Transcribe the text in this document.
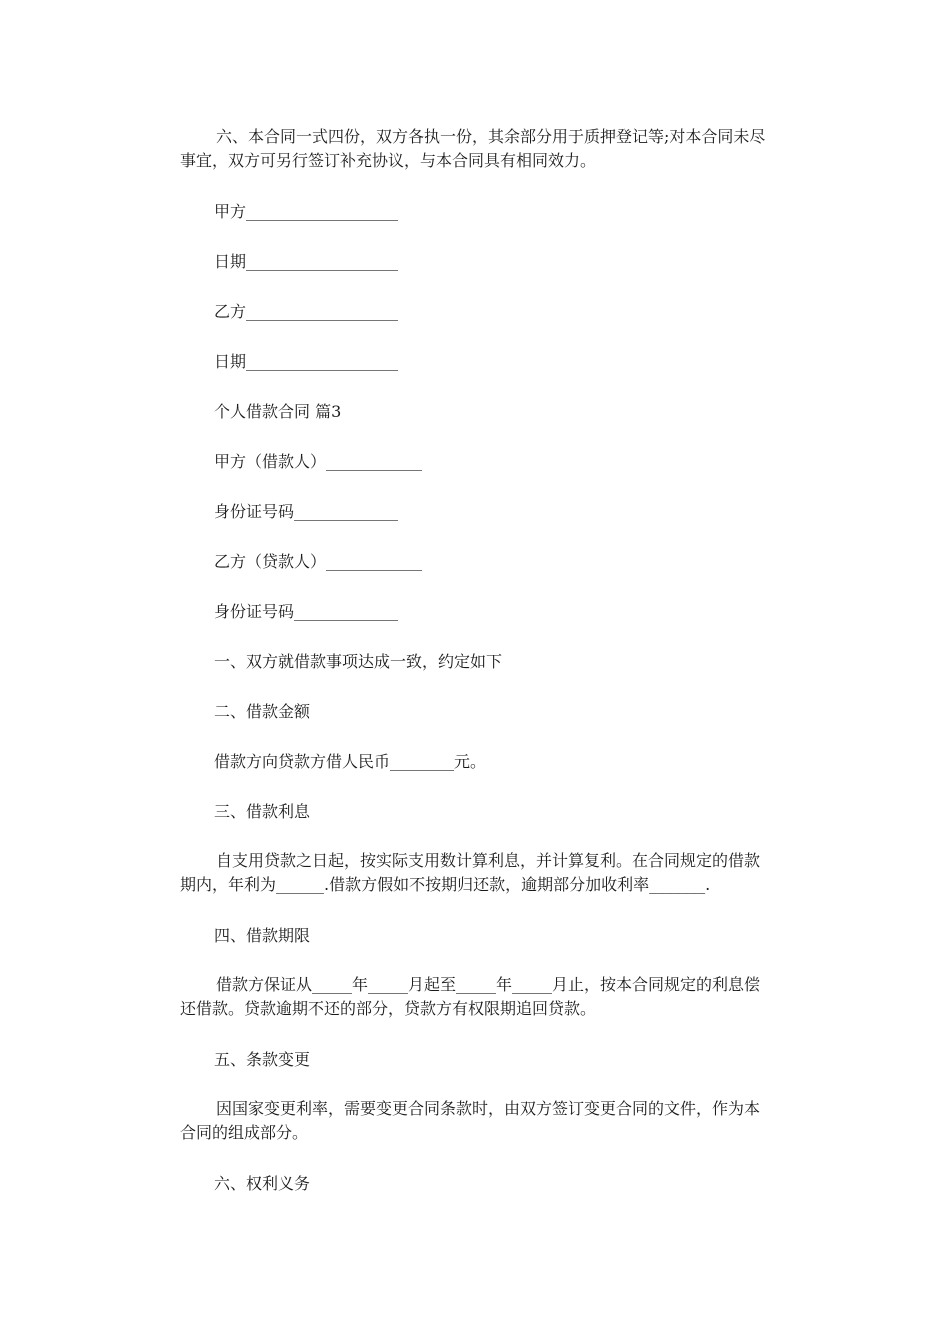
六、本合同一式四份，双方各执一份，其余部分用于质押登记等;对本合同未尽事宜，双方可另行签订补充协议，与本合同具有相同效力。

甲方___________________

日期___________________

乙方___________________

日期___________________

个人借款合同 篇3

甲方（借款人）____________

身份证号码_____________

乙方（贷款人）____________

身份证号码_____________

一、双方就借款事项达成一致，约定如下

二、借款金额

借款方向贷款方借人民币________元。

三、借款利息

自支用贷款之日起，按实际支用数计算利息，并计算复利。在合同规定的借款期内，年利为______.借款方假如不按期归还款，逾期部分加收利率_______.

四、借款期限

借款方保证从_____年_____月起至_____年_____月止，按本合同规定的利息偿还借款。贷款逾期不还的部分，贷款方有权限期追回贷款。

五、条款变更

因国家变更利率，需要变更合同条款时，由双方签订变更合同的文件，作为本合同的组成部分。

六、权利义务
